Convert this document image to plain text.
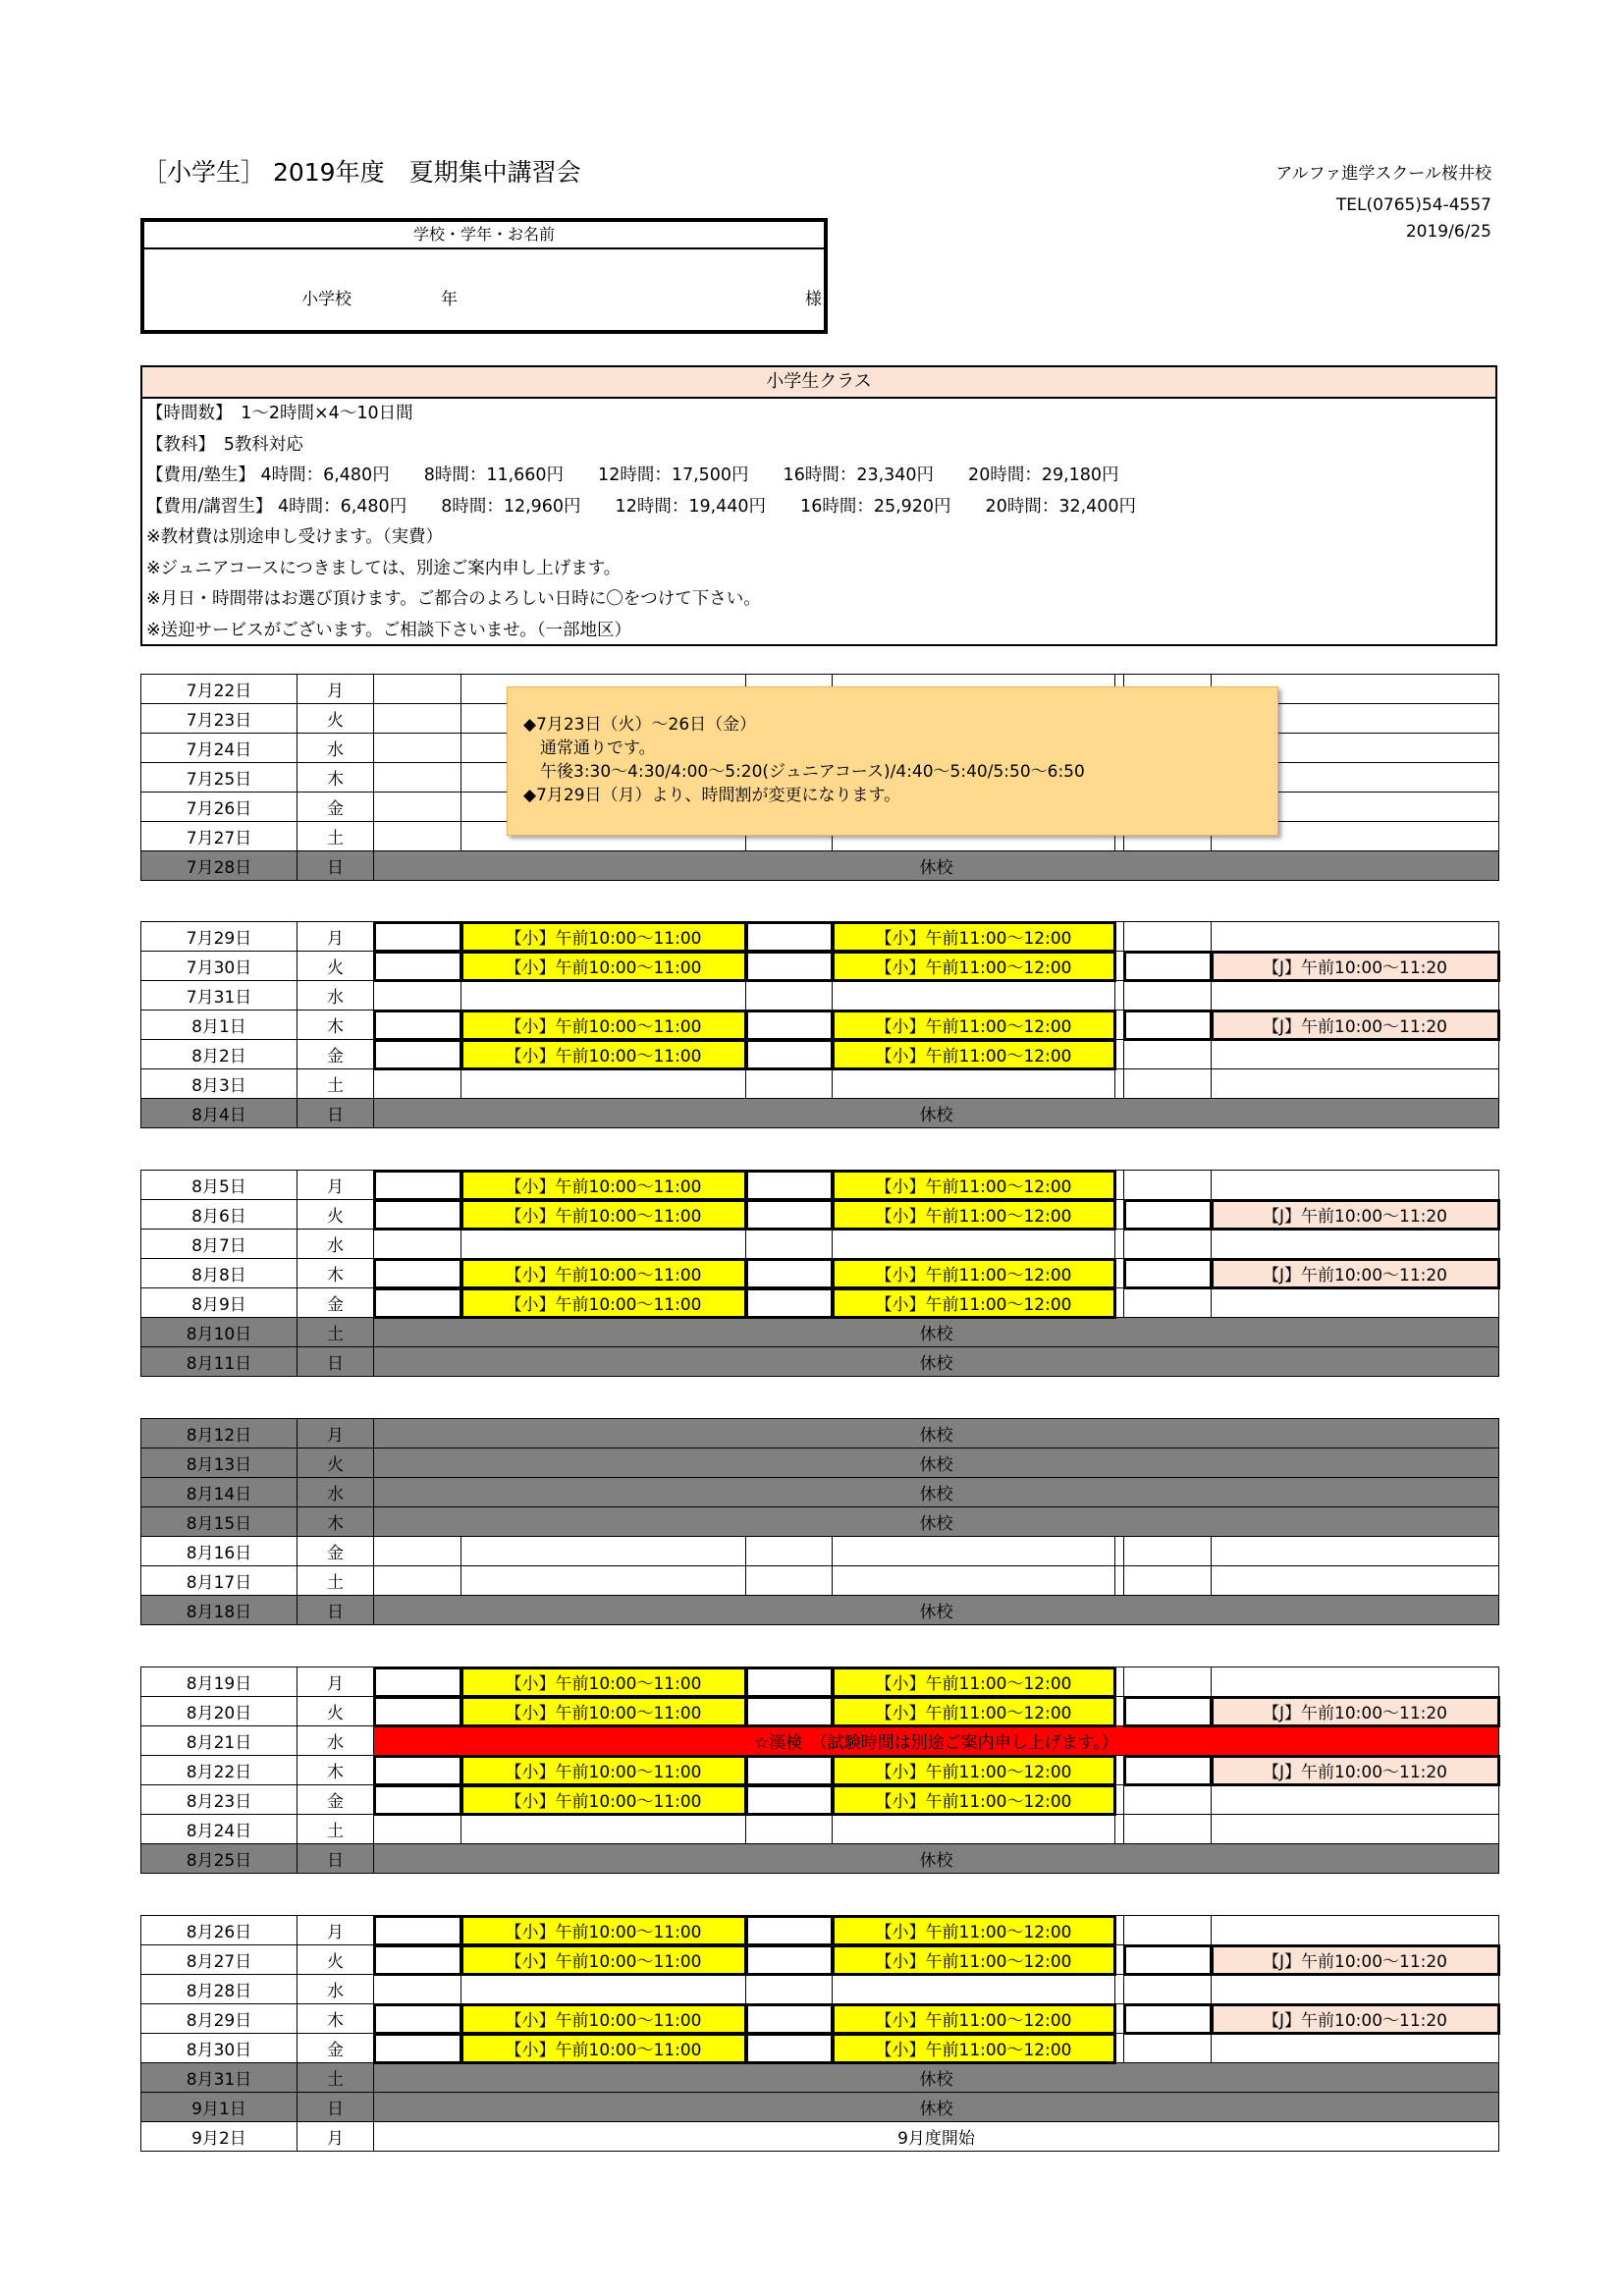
［小学生］ 2019年度　夏期集中講習会	アルファ進学スクール桜井校
TEL(0765)54-4557
2019/6/25
学校・学年・お名前
小学校	年	様
小学生クラス
【時間数】　1～2時間×4～10日間
【教科】　5教科対応
【費用/塾生】 4時間：6,480円　　8時間：11,660円　　12時間：17,500円　　16時間：23,340円　　20時間：29,180円
【費用/講習生】 4時間：6,480円　　8時間：12,960円　　12時間：19,440円　　16時間：25,920円　　20時間：32,400円
※教材費は別途申し受けます。（実費）
※ジュニアコースにつきましては、別途ご案内申し上げます。
※月日・時間帯はお選び頂けます。ご都合のよろしい日時に〇をつけて下さい。
※送迎サービスがございます。ご相談下さいませ。（一部地区）
7月22日	月							
7月23日	火							
7月24日	水							
7月25日	木							
7月26日	金							
7月27日	土							
7月28日	日	休校						
7月29日	月		【小】午前10:00～11:00		【小】午前11:00～12:00			
7月30日	火		【小】午前10:00～11:00		【小】午前11:00～12:00			【J】午前10:00～11:20
7月31日	水							
8月1日	木		【小】午前10:00～11:00		【小】午前11:00～12:00			【J】午前10:00～11:20
8月2日	金		【小】午前10:00～11:00		【小】午前11:00～12:00			
8月3日	土							
8月4日	日	休校						
8月5日	月		【小】午前10:00～11:00		【小】午前11:00～12:00			
8月6日	火		【小】午前10:00～11:00		【小】午前11:00～12:00			【J】午前10:00～11:20
8月7日	水							
8月8日	木		【小】午前10:00～11:00		【小】午前11:00～12:00			【J】午前10:00～11:20
8月9日	金		【小】午前10:00～11:00		【小】午前11:00～12:00			
8月10日	土	休校						
8月11日	日	休校						
8月12日	月	休校						
8月13日	火	休校						
8月14日	水	休校						
8月15日	木	休校						
8月16日	金							
8月17日	土							
8月18日	日	休校						
8月19日	月		【小】午前10:00～11:00		【小】午前11:00～12:00			
8月20日	火		【小】午前10:00～11:00		【小】午前11:00～12:00			【J】午前10:00～11:20
8月21日	水	☆漢検　（試験時間は別途ご案内申し上げます。）						
8月22日	木		【小】午前10:00～11:00		【小】午前11:00～12:00			【J】午前10:00～11:20
8月23日	金		【小】午前10:00～11:00		【小】午前11:00～12:00			
8月24日	土							
8月25日	日	休校						
8月26日	月		【小】午前10:00～11:00		【小】午前11:00～12:00			
8月27日	火		【小】午前10:00～11:00		【小】午前11:00～12:00			【J】午前10:00～11:20
8月28日	水							
8月29日	木		【小】午前10:00～11:00		【小】午前11:00～12:00			【J】午前10:00～11:20
8月30日	金		【小】午前10:00～11:00		【小】午前11:00～12:00			
8月31日	土	休校						
9月1日	日	休校						
9月2日	月	9月度開始						
◆7月23日（火）～26日（金）
　通常通りです。
　午後3:30～4:30/4:00～5:20(ジュニアコース)/4:40～5:40/5:50～6:50
◆7月29日（月）より、時間割が変更になります。
